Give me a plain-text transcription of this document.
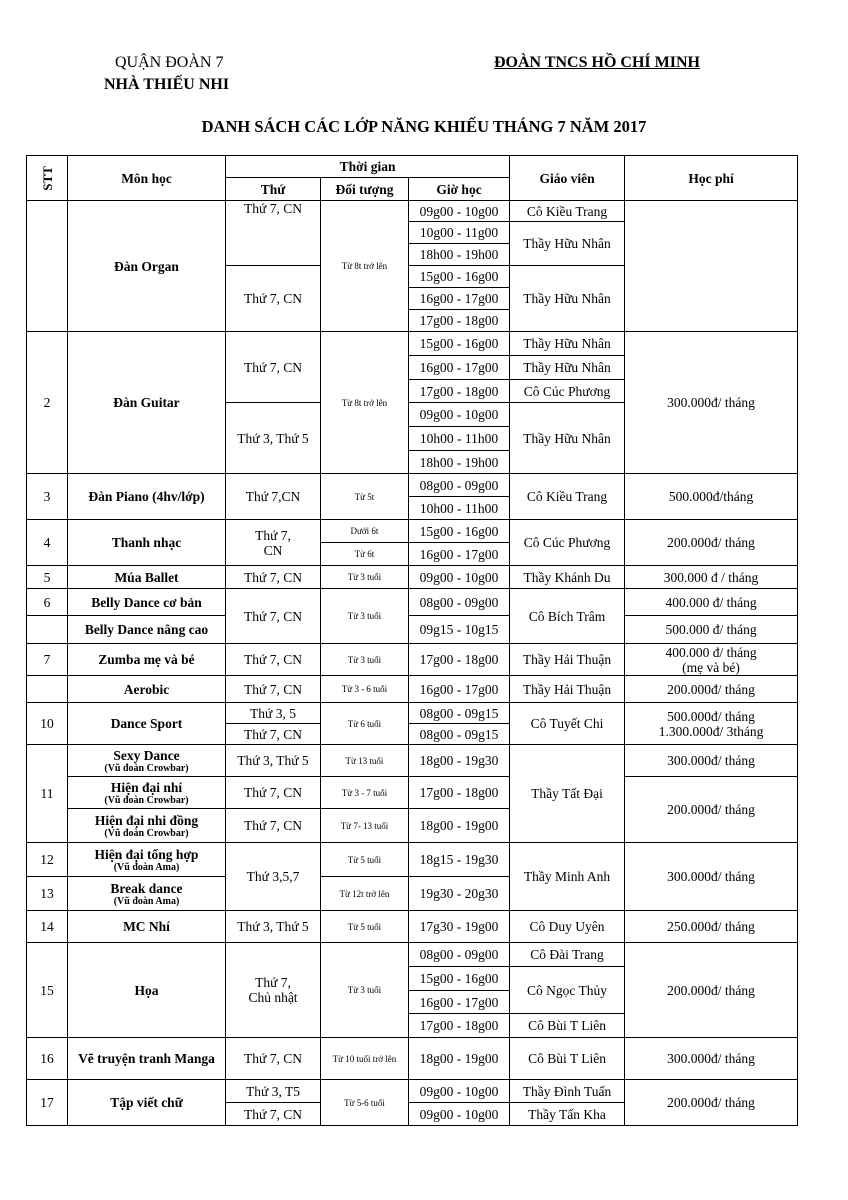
QUẬN ĐOÀN 7
NHÀ THIẾU NHI
ĐOÀN TNCS HỒ CHÍ MINH
DANH SÁCH CÁC LỚP NĂNG KHIẾU THÁNG 7 NĂM 2017
STT	Môn học	Thời gian			Giáo viên	Học phí
		Thứ	Đối tượng	Giờ học		
	Đàn Organ	Thứ 7, CN	Từ 8t trở lên	09g00 - 10g00	Cô Kiều Trang	
				10g00 - 11g00	Thầy Hữu Nhân	
				18h00 - 19h00		
		Thứ 7, CN		15g00 - 16g00	Thầy Hữu Nhân	
				16g00 - 17g00		
				17g00 - 18g00		
2	Đàn Guitar	Thứ 7, CN	Từ 8t trở lên	15g00 - 16g00	Thầy Hữu Nhân	300.000đ/ tháng
				16g00 - 17g00	Thầy Hữu Nhân	
				17g00 - 18g00	Cô Cúc Phương	
		Thứ 3, Thứ 5		09g00 - 10g00	Thầy Hữu Nhân	
				10h00 - 11h00		
				18h00 - 19h00		
3	Đàn Piano (4hv/lớp)	Thứ 7,CN	Từ 5t	08g00 - 09g00	Cô Kiều Trang	500.000đ/tháng
				10h00 - 11h00		
4	Thanh nhạc	Thứ 7,
CN	Dưới 6t	15g00 - 16g00	Cô Cúc Phương	200.000đ/ tháng
			Từ 6t	16g00 - 17g00		
5	Múa Ballet	Thứ 7, CN	Từ 3 tuổi	09g00 - 10g00	Thầy Khánh Du	300.000 đ / tháng
6	Belly Dance cơ bản	Thứ 7, CN	Từ 3 tuổi	08g00 - 09g00	Cô Bích Trâm	400.000 đ/ tháng
	Belly Dance nâng cao			09g15 - 10g15		500.000 đ/ tháng
7	Zumba mẹ và bé	Thứ 7, CN	Từ 3 tuổi	17g00 - 18g00	Thầy Hải Thuận	400.000 đ/ tháng
(mẹ và bé)

	Aerobic	Thứ 7, CN	Từ 3 - 6 tuổi	16g00 - 17g00	Thầy Hải Thuận	200.000đ/ tháng
10	Dance Sport	Thứ 3, 5	Từ 6 tuổi	08g00 - 09g15	Cô Tuyết Chi	500.000đ/ tháng
1.300.000đ/ 3tháng

		Thứ 7, CN		08g00 - 09g15		
11	Sexy Dance
(Vũ đoàn Crowbar)	Thứ 3, Thứ 5	Từ 13 tuổi	18g00 - 19g30	Thầy Tất Đại	300.000đ/ tháng
	Hiện đại nhí
(Vũ đoàn Crowbar)	Thứ 7, CN	Từ 3 - 7 tuổi	17g00 - 18g00		200.000đ/ tháng
	Hiện đại nhi đồng
(Vũ đoàn Crowbar)	Thứ 7, CN	Từ 7- 13 tuổi	18g00 - 19g00		
12	Hiện đại tổng hợp
(Vũ đoàn Ama)	Thứ 3,5,7	Từ 5 tuổi	18g15 - 19g30	Thầy Minh Anh	300.000đ/ tháng
13	Break dance
(Vũ đoàn Ama)		Từ 12t trở lên	19g30 - 20g30		
14	MC Nhí	Thứ 3, Thứ 5	Từ 5 tuổi	17g30 - 19g00	Cô Duy Uyên	250.000đ/ tháng
15	Họa	Thứ 7,
Chủ nhật	Từ 3 tuổi	08g00 - 09g00	Cô Đài Trang	200.000đ/ tháng
				15g00 - 16g00	Cô Ngọc Thủy	
				16g00 - 17g00		
				17g00 - 18g00	Cô Bùi T Liên	
16	Vẽ truyện tranh Manga	Thứ 7, CN	Từ 10 tuổi trở lên	18g00 - 19g00	Cô Bùi T Liên	300.000đ/ tháng
17	Tập viết chữ	Thứ 3, T5	Từ 5-6 tuổi	09g00 - 10g00	Thầy Đình Tuấn	200.000đ/ tháng
		Thứ 7, CN		09g00 - 10g00	Thầy Tấn Kha	
